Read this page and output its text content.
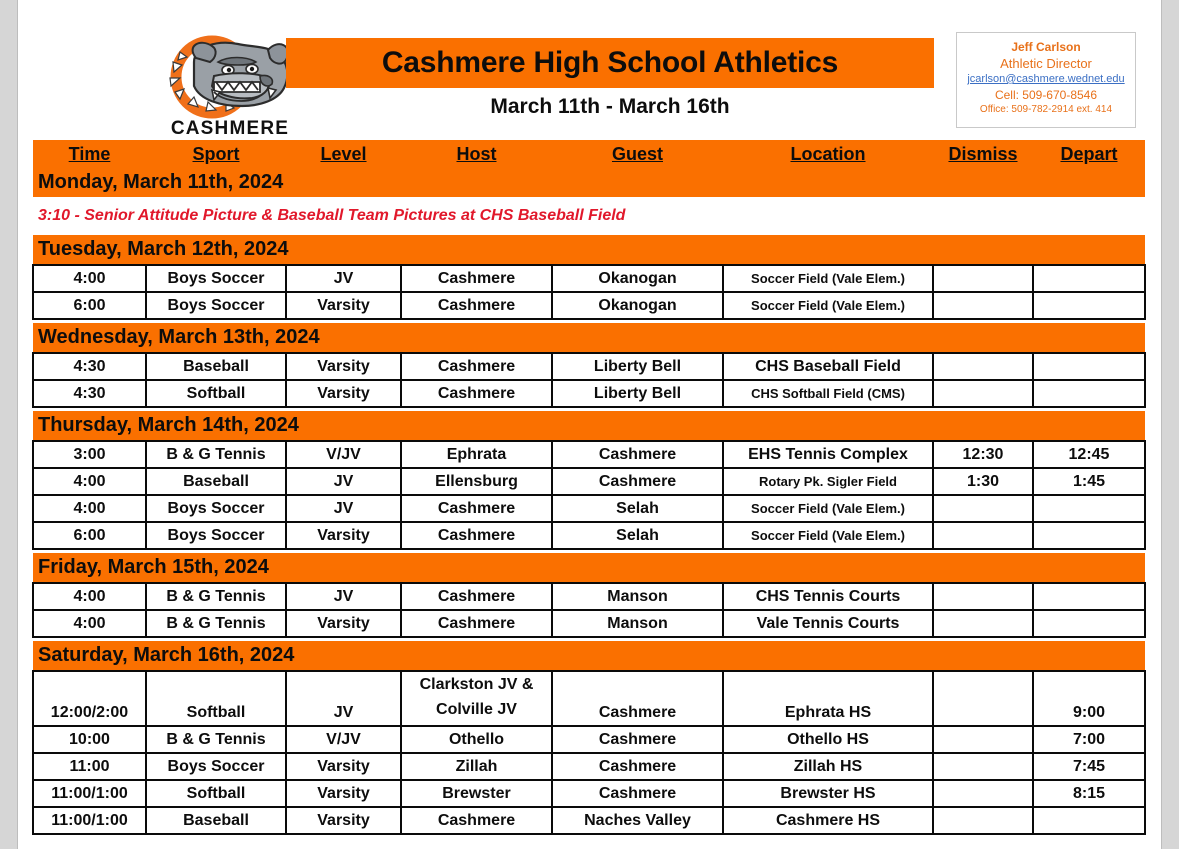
CASHMERE
Cashmere High School Athletics
March 11th - March 16th
Jeff Carlson
Athletic Director
jcarlson@cashmere.wednet.edu
Cell: 509-670-8546
Office: 509-782-2914 ext. 414
Time	Sport	Level	Host	Guest	Location	Dismiss	Depart
Monday, March 11th, 2024							
3:10 - Senior Attitude Picture & Baseball Team Pictures at CHS Baseball Field							
Tuesday, March 12th, 2024							
4:00	Boys Soccer	JV	Cashmere	Okanogan	Soccer Field (Vale Elem.)		
6:00	Boys Soccer	Varsity	Cashmere	Okanogan	Soccer Field (Vale Elem.)		

Wednesday, March 13th, 2024							
4:30	Baseball	Varsity	Cashmere	Liberty Bell	CHS Baseball Field		
4:30	Softball	Varsity	Cashmere	Liberty Bell	CHS Softball Field (CMS)		

Thursday, March 14th, 2024							
3:00	B & G Tennis	V/JV	Ephrata	Cashmere	EHS Tennis Complex	12:30	12:45
4:00	Baseball	JV	Ellensburg	Cashmere	Rotary Pk. Sigler Field	1:30	1:45
4:00	Boys Soccer	JV	Cashmere	Selah	Soccer Field (Vale Elem.)		
6:00	Boys Soccer	Varsity	Cashmere	Selah	Soccer Field (Vale Elem.)		

Friday, March 15th, 2024							
4:00	B & G Tennis	JV	Cashmere	Manson	CHS Tennis Courts		
4:00	B & G Tennis	Varsity	Cashmere	Manson	Vale Tennis Courts		

Saturday, March 16th, 2024							
12:00/2:00	Softball	JV	Clarkston JV & Colville JV	Cashmere	Ephrata HS		9:00
10:00	B & G Tennis	V/JV	Othello	Cashmere	Othello HS		7:00
11:00	Boys Soccer	Varsity	Zillah	Cashmere	Zillah HS		7:45
11:00/1:00	Softball	Varsity	Brewster	Cashmere	Brewster HS		8:15
11:00/1:00	Baseball	Varsity	Cashmere	Naches Valley	Cashmere HS		
